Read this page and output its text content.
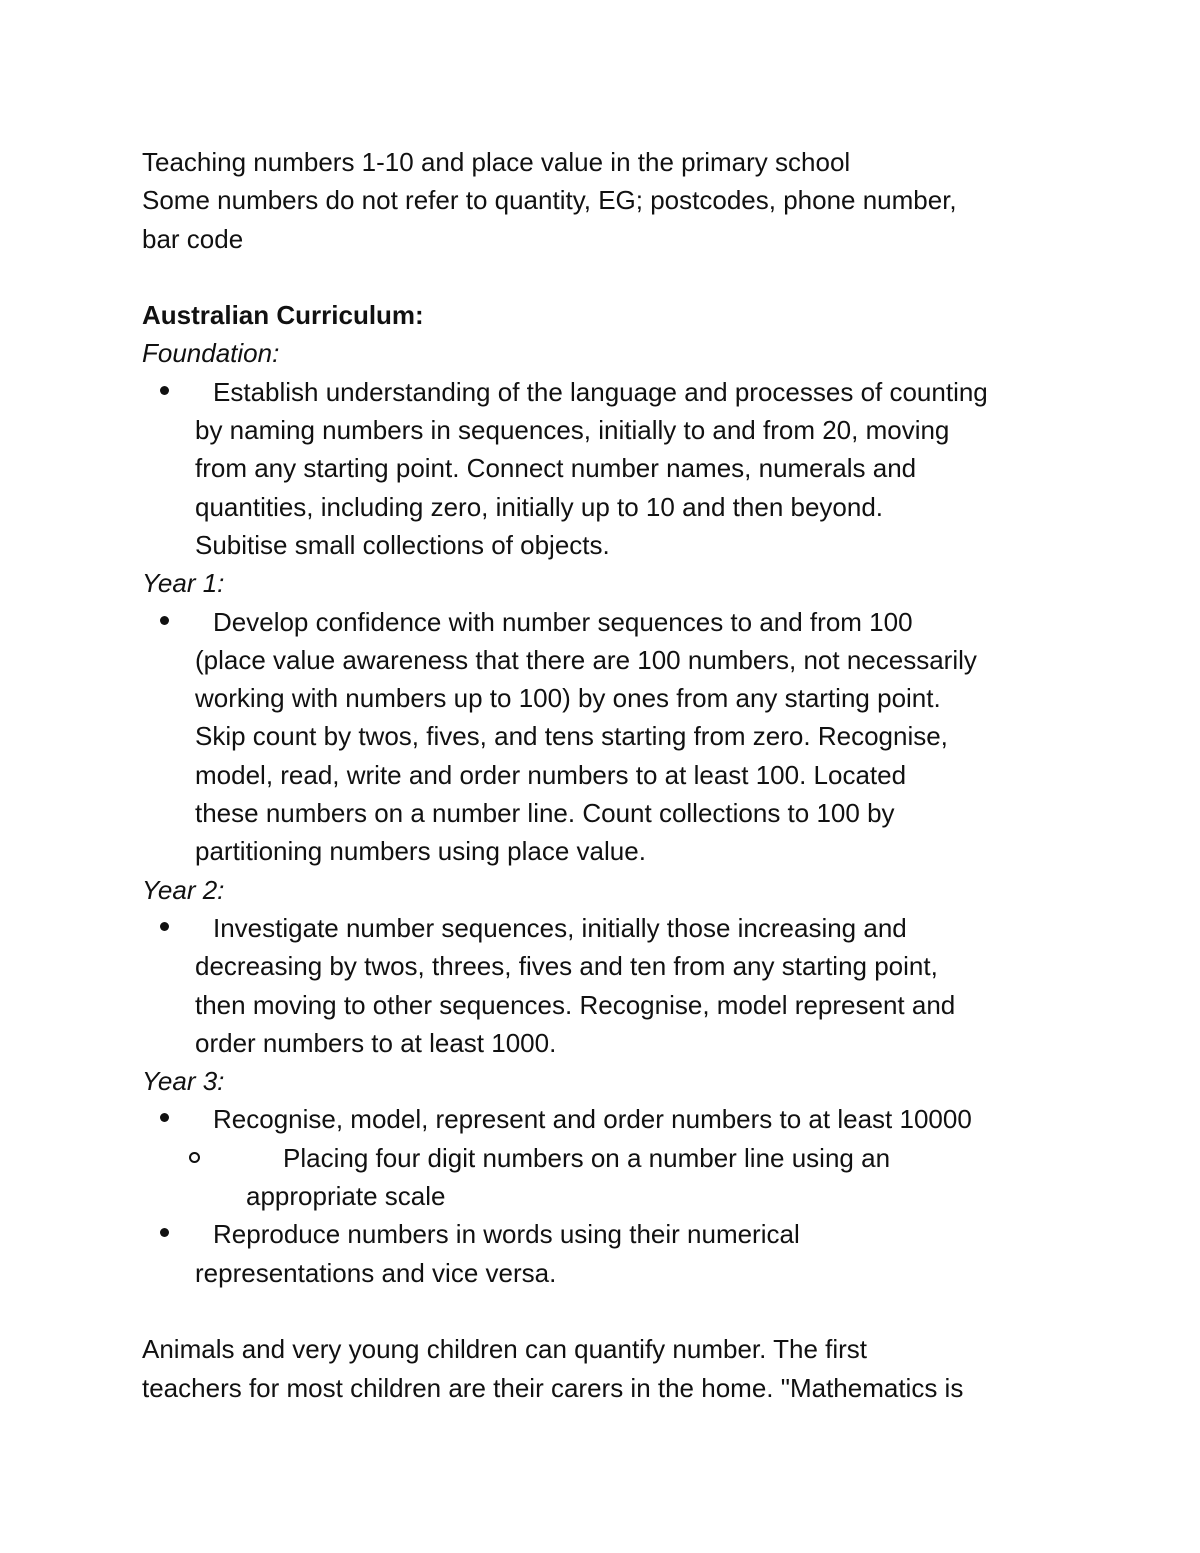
Teaching numbers 1-10 and place value in the primary school
Some numbers do not refer to quantity, EG; postcodes, phone number,
bar code
Australian Curriculum:
Foundation:
Establish understanding of the language and processes of counting
by naming numbers in sequences, initially to and from 20, moving
from any starting point. Connect number names, numerals and
quantities, including zero, initially up to 10 and then beyond.
Subitise small collections of objects.
Year 1:
Develop confidence with number sequences to and from 100
(place value awareness that there are 100 numbers, not necessarily
working with numbers up to 100) by ones from any starting point.
Skip count by twos, fives, and tens starting from zero. Recognise,
model, read, write and order numbers to at least 100. Located
these numbers on a number line. Count collections to 100 by
partitioning numbers using place value.
Year 2:
Investigate number sequences, initially those increasing and
decreasing by twos, threes, fives and ten from any starting point,
then moving to other sequences. Recognise, model represent and
order numbers to at least 1000.
Year 3:
Recognise, model, represent and order numbers to at least 10000
Placing four digit numbers on a number line using an
appropriate scale
Reproduce numbers in words using their numerical
representations and vice versa.
Animals and very young children can quantify number. The first
teachers for most children are their carers in the home. "Mathematics is
